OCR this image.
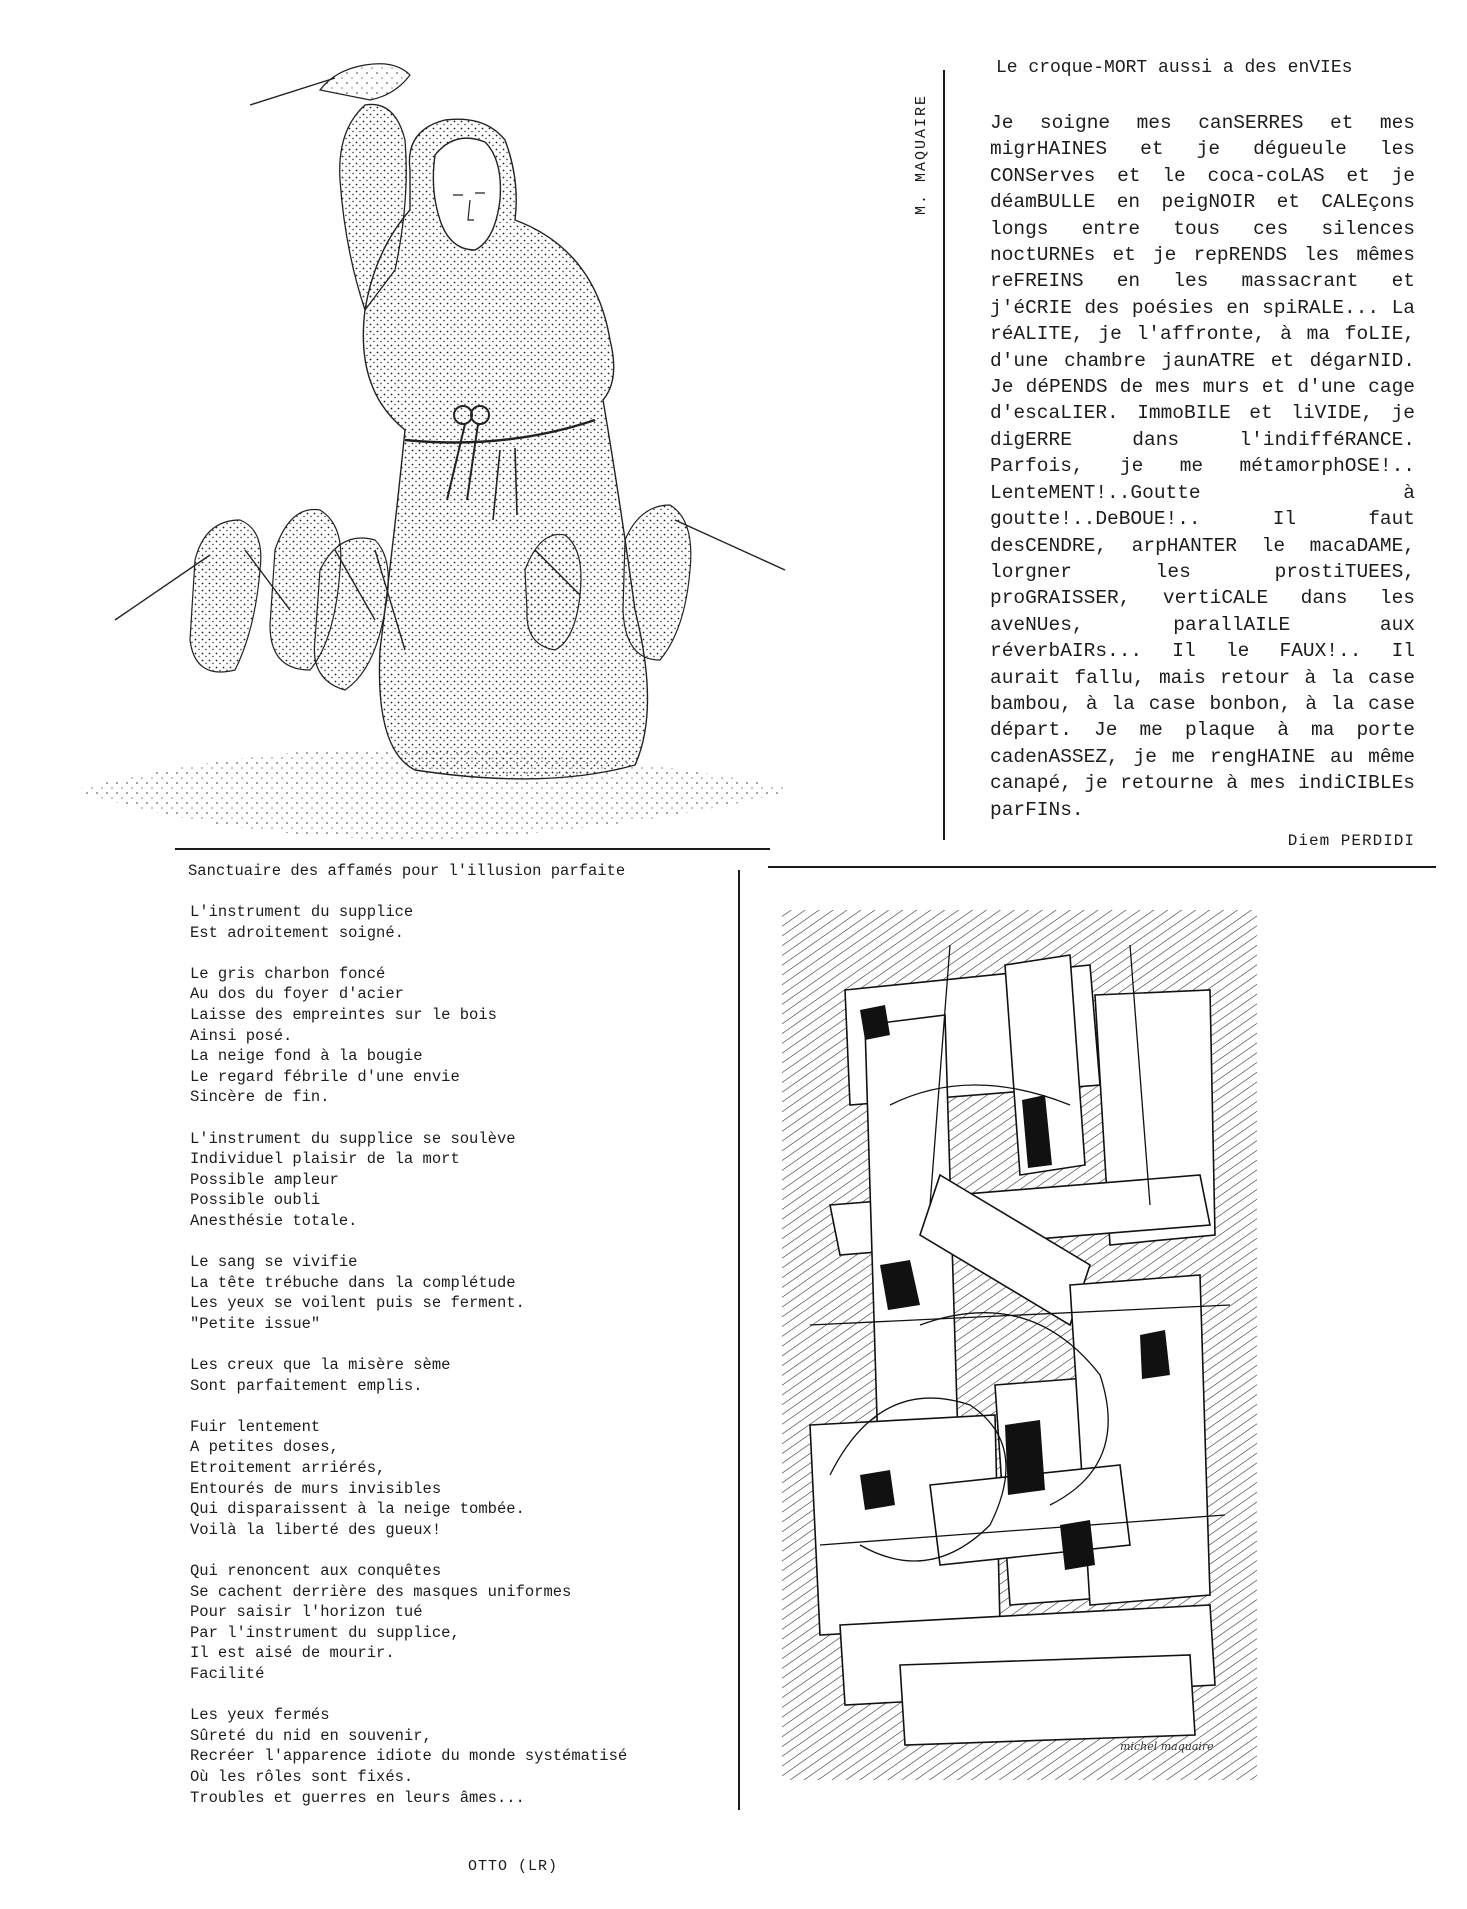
M. MAQUAIRE
Le croque-MORT aussi a des enVIEs
Je soigne mes canSERRES et mes migrHAINES et je dégueule les CONServes et le coca-coLAS et je déamBULLE en peigNOIR et CALEçons longs entre tous ces silences noctURNEs et je repRENDS les mêmes reFREINS en les massacrant et j'éCRIE des poésies en spiRALE... La réALITE, je l'affronte, à ma foLIE, d'une chambre jaunATRE et dégarNID. Je déPENDS de mes murs et d'une cage d'escaLIER. ImmoBILE et liVIDE, je digERRE dans l'indifféRANCE. Parfois, je me métamorphOSE!.. LenteMENT!..Goutte à goutte!..DeBOUE!.. Il faut desCENDRE, arpHANTER le macaDAME, lorgner les prostiTUEES, proGRAISSER, vertiCALE dans les aveNUes, parallAILE aux réverbAIRs... Il le FAUX!.. Il aurait fallu, mais retour à la case bambou, à la case bonbon, à la case départ. Je me plaque à ma porte cadenASSEZ, je me rengHAINE au même canapé, je retourne à mes indiCIBLEs parFINs.
Diem PERDIDI
Sanctuaire des affamés pour l'illusion parfaite
L'instrument du supplice
Est adroitement soigné.
Le gris charbon foncé
Au dos du foyer d'acier
Laisse des empreintes sur le bois
Ainsi posé.
La neige fond à la bougie
Le regard fébrile d'une envie
Sincère de fin.
L'instrument du supplice se soulève
Individuel plaisir de la mort
Possible ampleur
Possible oubli
Anesthésie totale.
Le sang se vivifie
La tête trébuche dans la complétude
Les yeux se voilent puis se ferment.
"Petite issue"
Les creux que la misère sème
Sont parfaitement emplis.
Fuir lentement
A petites doses,
Etroitement arriérés,
Entourés de murs invisibles
Qui disparaissent à la neige tombée.
Voilà la liberté des gueux!
Qui renoncent aux conquêtes
Se cachent derrière des masques uniformes
Pour saisir l'horizon tué
Par l'instrument du supplice,
Il est aisé de mourir.
Facilité
Les yeux fermés
Sûreté du nid en souvenir,
Recréer l'apparence idiote du monde systématisé
Où les rôles sont fixés.
Troubles et guerres en leurs âmes...
OTTO (LR)
michel maquaire
